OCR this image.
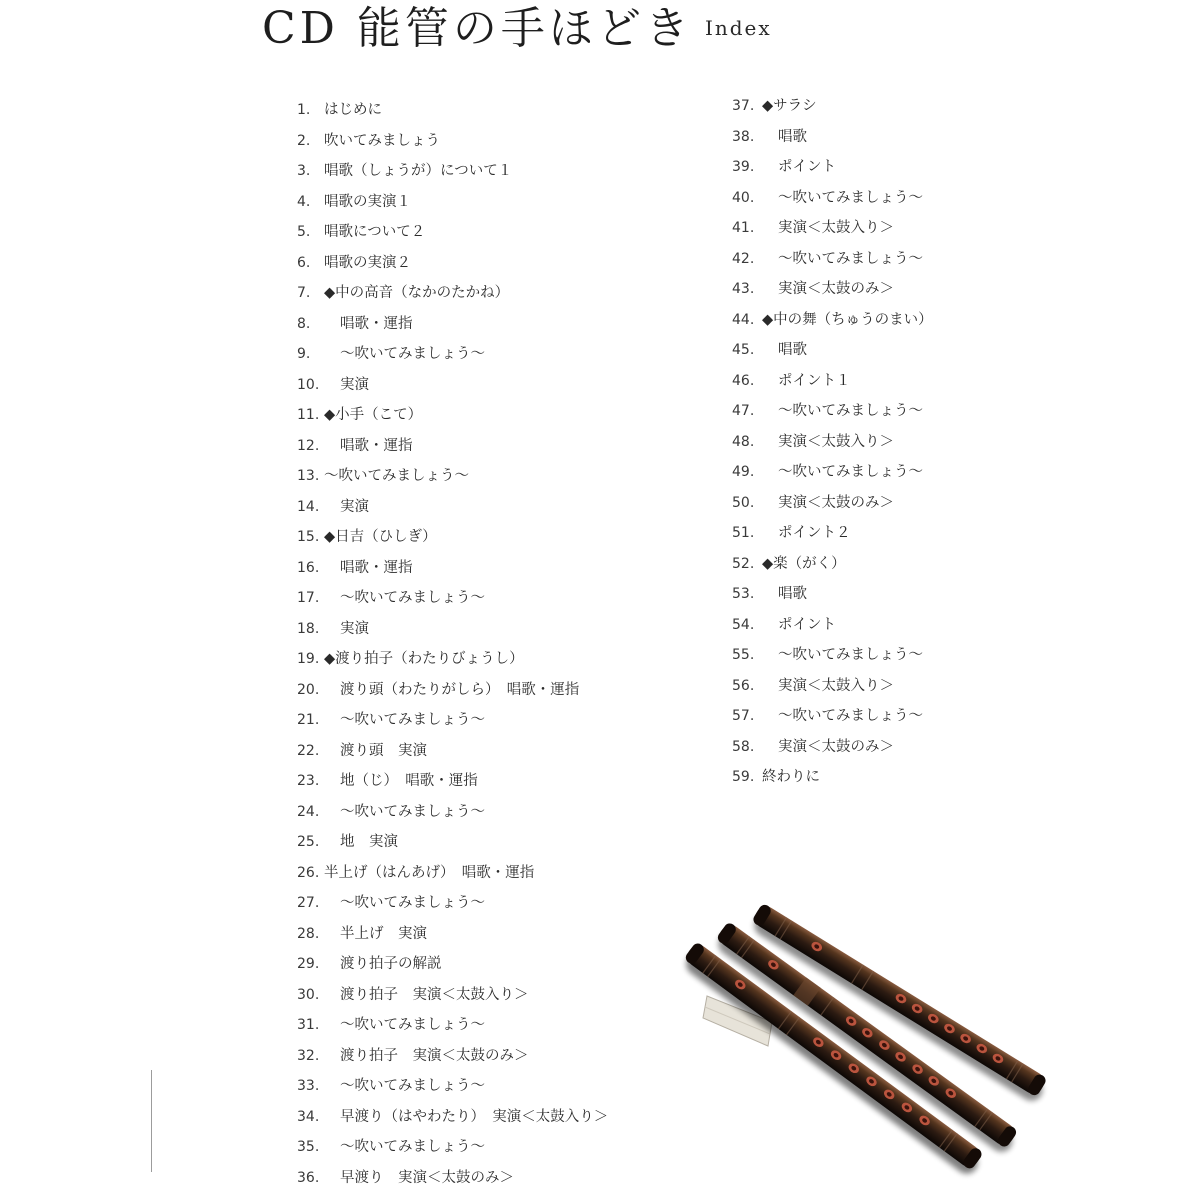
CD 能管の手ほどき $^{Index}$
1. はじめに
2. 吹いてみましょう
3. 唱歌（しょうが）について１
4. 唱歌の実演１
5. 唱歌について２
6. 唱歌の実演２
7. ◆中の高音（なかのたかね）
8.	唱歌・運指
9.	〜吹いてみましょう〜
10.	実演
11. ◆小手（こて）
12.	唱歌・運指
13. 〜吹いてみましょう〜
14.	実演
15. ◆日吉（ひしぎ）
16.	唱歌・運指
17.	〜吹いてみましょう〜
18.	実演
19. ◆渡り拍子（わたりびょうし）
20.	渡り頭（わたりがしら）　唱歌・運指
21.	〜吹いてみましょう〜
22.	渡り頭　実演
23.	地（じ）　唱歌・運指
24.	〜吹いてみましょう〜
25.	地　実演
26. 半上げ（はんあげ）　唱歌・運指
27.	〜吹いてみましょう〜
28.	半上げ　実演
29.	渡り拍子の解説
30.	渡り拍子　実演＜太鼓入り＞
31.	〜吹いてみましょう〜
32.	渡り拍子　実演＜太鼓のみ＞
33.	〜吹いてみましょう〜
34.	早渡り（はやわたり）　実演＜太鼓入り＞
35.	〜吹いてみましょう〜
36.	早渡り　実演＜太鼓のみ＞
37. ◆サラシ
38.	唱歌
39.	ポイント
40.	〜吹いてみましょう〜
41.	実演＜太鼓入り＞
42.	〜吹いてみましょう〜
43.	実演＜太鼓のみ＞
44. ◆中の舞（ちゅうのまい）
45.	唱歌
46.	ポイント１
47.	〜吹いてみましょう〜
48.	実演＜太鼓入り＞
49.	〜吹いてみましょう〜
50.	実演＜太鼓のみ＞
51.	ポイント２
52. ◆楽（がく）
53.	唱歌
54.	ポイント
55.	〜吹いてみましょう〜
56.	実演＜太鼓入り＞
57.	〜吹いてみましょう〜
58.	実演＜太鼓のみ＞
59. 終わりに
